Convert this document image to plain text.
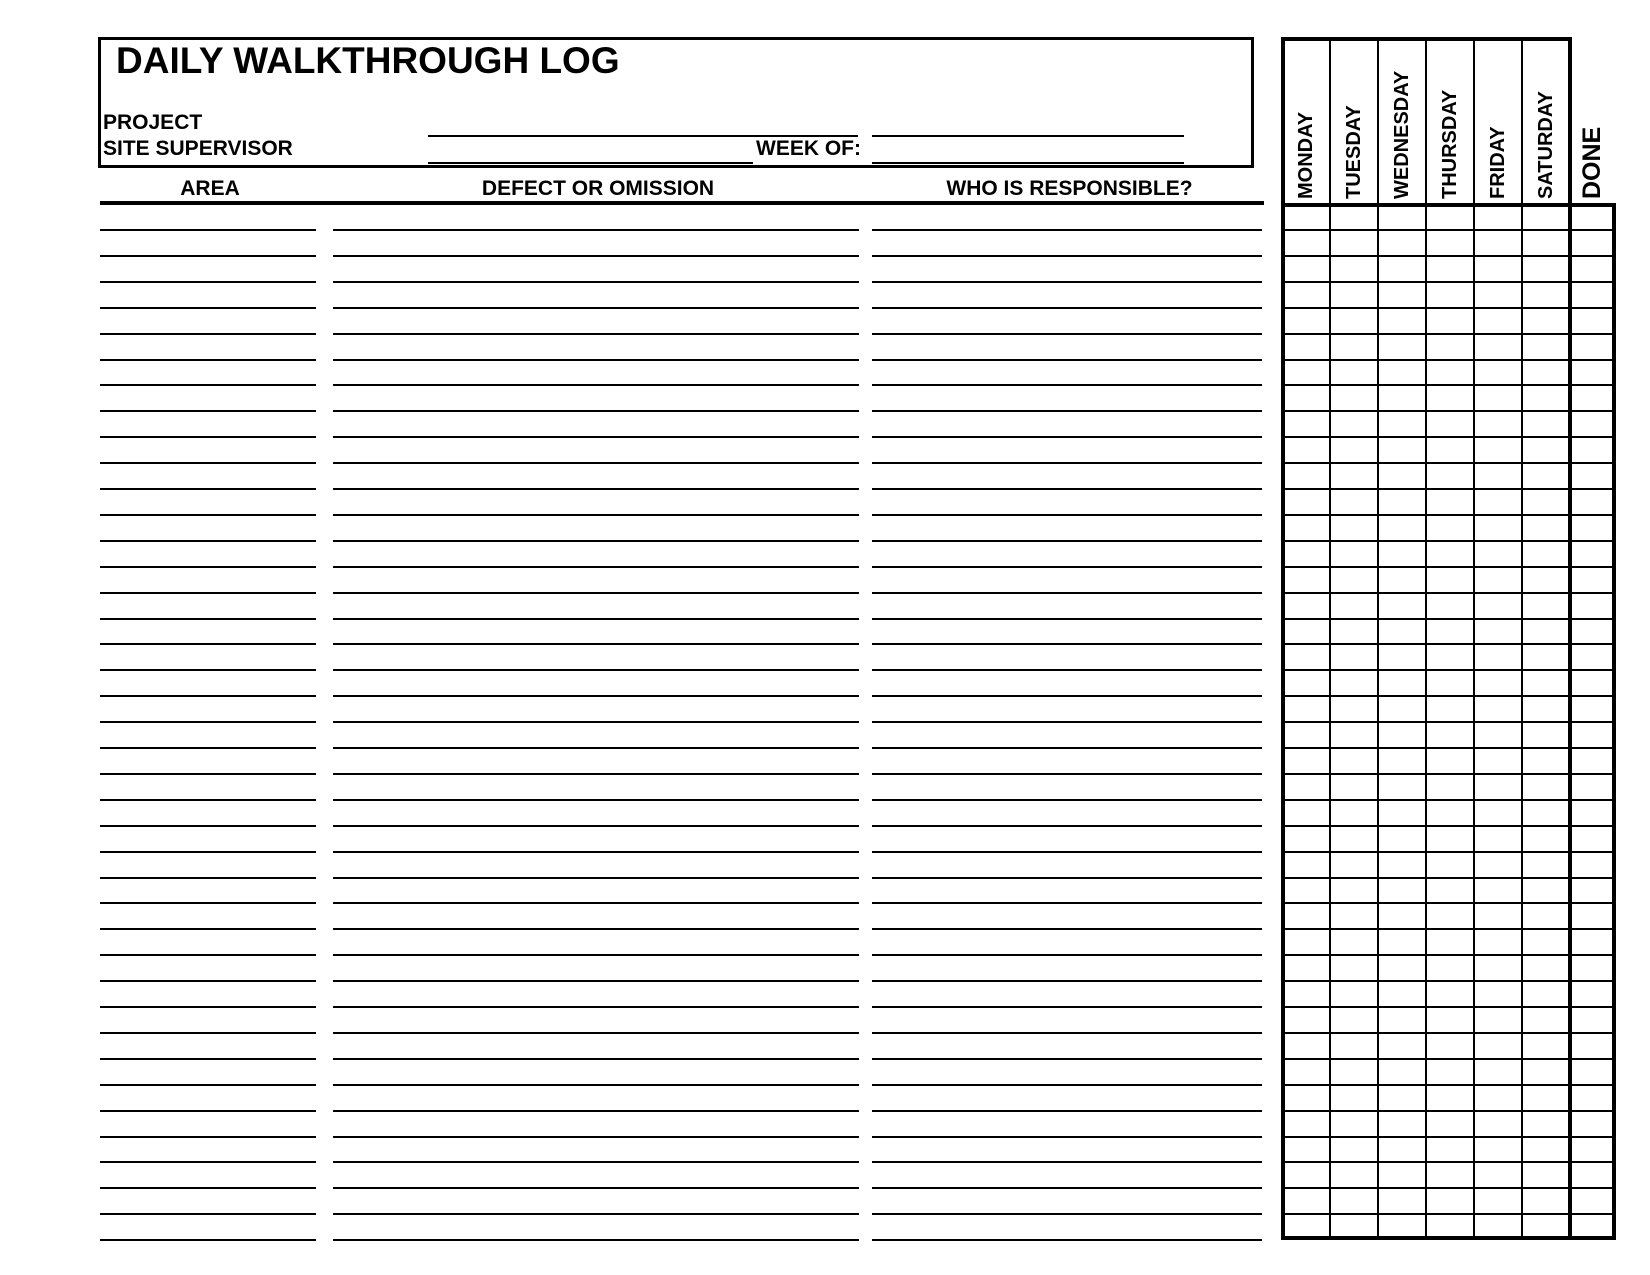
DAILY WALKTHROUGH LOG
PROJECT
SITE SUPERVISOR	WEEK OF:
AREA	DEFECT OR OMISSION	WHO IS RESPONSIBLE?	MONDAY TUESDAY WEDNESDAY THURSDAY FRIDAY SATURDAY DONE
